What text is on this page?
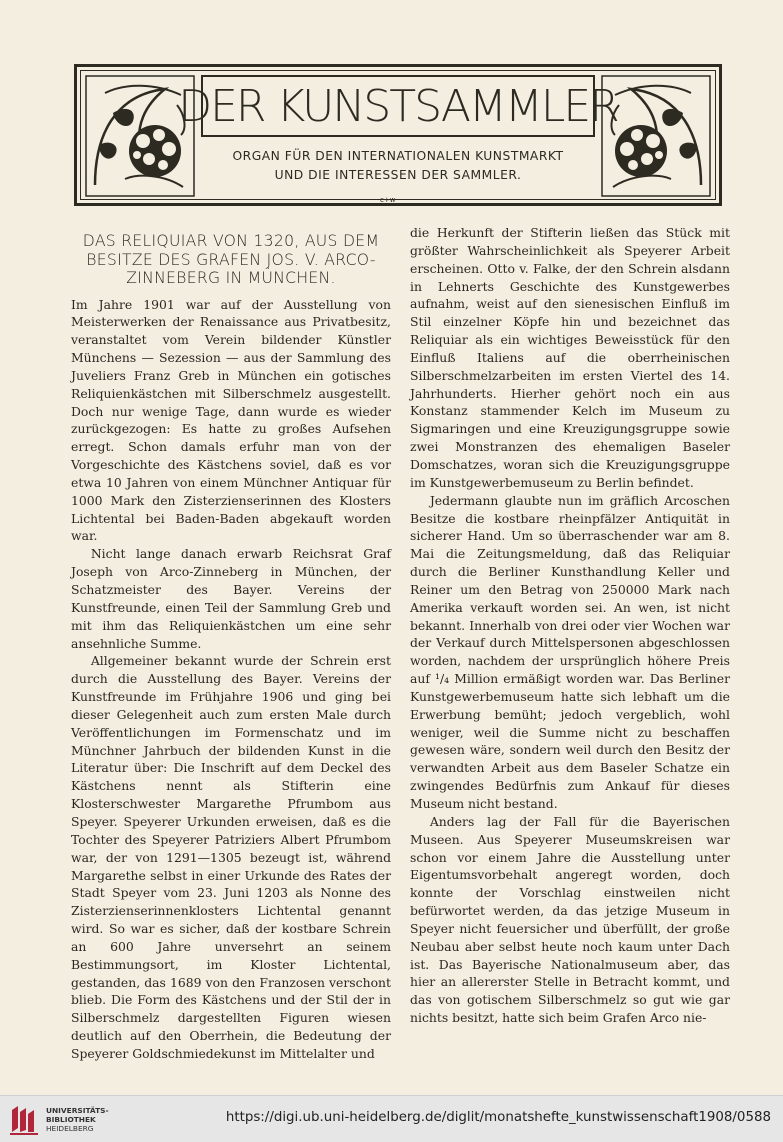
DER KUNSTSAMMLER
ORGAN FÜR DEN INTERNATIONALEN KUNSTMARKT
UND DIE INTERESSEN DER SAMMLER.
c+w
DAS RELIQUIAR VON 1320, AUS DEM BESITZE DES GRAFEN JOS. V. ARCO-ZINNEBERG IN MÜNCHEN.

Im Jahre 1901 war auf der Ausstellung von Meisterwerken der Renaissance aus Privatbesitz, veranstaltet vom Verein bildender Künstler Münchens — Sezession — aus der Sammlung des Juveliers Franz Greb in München ein gotisches Reliquienkästchen mit Silberschmelz ausgestellt. Doch nur wenige Tage, dann wurde es wieder zurückgezogen: Es hatte zu großes Aufsehen erregt. Schon damals erfuhr man von der Vorgeschichte des Kästchens soviel, daß es vor etwa 10 Jahren von einem Münchner Antiquar für 1000 Mark den Zisterzienserinnen des Klosters Lichtental bei Baden-Baden abgekauft worden war.

Nicht lange danach erwarb Reichsrat Graf Joseph von Arco-Zinneberg in München, der Schatzmeister des Bayer. Vereins der Kunstfreunde, einen Teil der Sammlung Greb und mit ihm das Reliquienkästchen um eine sehr ansehnliche Summe.

Allgemeiner bekannt wurde der Schrein erst durch die Ausstellung des Bayer. Vereins der Kunstfreunde im Frühjahre 1906 und ging bei dieser Gelegenheit auch zum ersten Male durch Veröffentlichungen im Formenschatz und im Münchner Jahrbuch der bildenden Kunst in die Literatur über: Die Inschrift auf dem Deckel des Kästchens nennt als Stifterin eine Klosterschwester Margarethe Pfrumbom aus Speyer. Speyerer Urkunden erweisen, daß es die Tochter des Speyerer Patriziers Albert Pfrumbom war, der von 1291—1305 bezeugt ist, während Margarethe selbst in einer Urkunde des Rates der Stadt Speyer vom 23. Juni 1203 als Nonne des Zisterzienserinnenklosters Lichtental genannt wird. So war es sicher, daß der kostbare Schrein an 600 Jahre unversehrt an seinem Bestimmungsort, im Kloster Lichtental, gestanden, das 1689 von den Franzosen verschont blieb. Die Form des Kästchens und der Stil der in Silberschmelz dargestellten Figuren wiesen deutlich auf den Oberrhein, die Bedeutung der Speyerer Goldschmiedekunst im Mittelalter und

die Herkunft der Stifterin ließen das Stück mit größter Wahrscheinlichkeit als Speyerer Arbeit erscheinen. Otto v. Falke, der den Schrein alsdann in Lehnerts Geschichte des Kunstgewerbes aufnahm, weist auf den sienesischen Einfluß im Stil einzelner Köpfe hin und bezeichnet das Reliquiar als ein wichtiges Beweisstück für den Einfluß Italiens auf die oberrheinischen Silberschmelzarbeiten im ersten Viertel des 14. Jahrhunderts. Hierher gehört noch ein aus Konstanz stammender Kelch im Museum zu Sigmaringen und eine Kreuzigungsgruppe sowie zwei Monstranzen des ehemaligen Baseler Domschatzes, woran sich die Kreuzigungsgruppe im Kunstgewerbemuseum zu Berlin befindet.

Jedermann glaubte nun im gräflich Arcoschen Besitze die kostbare rheinpfälzer Antiquität in sicherer Hand. Um so überraschender war am 8. Mai die Zeitungsmeldung, daß das Reliquiar durch die Berliner Kunsthandlung Keller und Reiner um den Betrag von 250000 Mark nach Amerika verkauft worden sei. An wen, ist nicht bekannt. Innerhalb von drei oder vier Wochen war der Verkauf durch Mittelspersonen abgeschlossen worden, nachdem der ursprünglich höhere Preis auf ¹/₄ Million ermäßigt worden war. Das Berliner Kunstgewerbemuseum hatte sich lebhaft um die Erwerbung bemüht; jedoch vergeblich, wohl weniger, weil die Summe nicht zu beschaffen gewesen wäre, sondern weil durch den Besitz der verwandten Arbeit aus dem Baseler Schatze ein zwingendes Bedürfnis zum Ankauf für dieses Museum nicht bestand.

Anders lag der Fall für die Bayerischen Museen. Aus Speyerer Museumskreisen war schon vor einem Jahre die Ausstellung unter Eigentumsvorbehalt angeregt worden, doch konnte der Vorschlag einstweilen nicht befürwortet werden, da das jetzige Museum in Speyer nicht feuersicher und überfüllt, der große Neubau aber selbst heute noch kaum unter Dach ist. Das Bayerische Nationalmuseum aber, das hier an allererster Stelle in Betracht kommt, und das von gotischem Silberschmelz so gut wie gar nichts besitzt, hatte sich beim Grafen Arco nie-

UNIVERSITÄTS-
BIBLIOTHEK
HEIDELBERG
https://digi.ub.uni-heidelberg.de/diglit/monatshefte_kunstwissenschaft1908/0588
